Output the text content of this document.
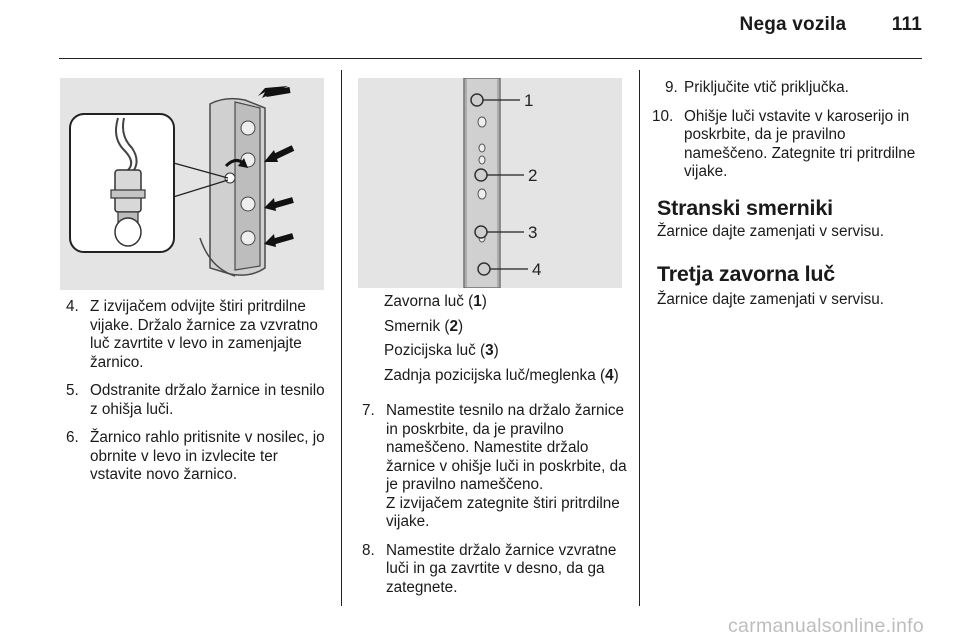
Nega vozila 111
1
2
3
4
4. Z izvijačem odvijte štiri pritrdilne vijake. Držalo žarnice za vzvratno luč zavrtite v levo in zamenjajte žarnico.
5. Odstranite držalo žarnice in tesnilo z ohišja luči.
6. Žarnico rahlo pritisnite v nosilec, jo obrnite v levo in izvlecite ter vstavite novo žarnico.

Zavorna luč (1)

Smernik (2)

Pozicijska luč (3)

Zadnja pozicijska luč/meglenka (4)

7. Namestite tesnilo na držalo žarnice in poskrbite, da je pravilno nameščeno. Namestite držalo žarnice v ohišje luči in poskrbite, da je pravilno nameščeno.
Z izvijačem zategnite štiri pritrdilne vijake.
8. Namestite držalo žarnice vzvratne luči in ga zavrtite v desno, da ga zategnete.
9. Priključite vtič priključka.
10. Ohišje luči vstavite v karoserijo in poskrbite, da je pravilno nameščeno. Zategnite tri pritrdilne vijake.
Stranski smerniki

Žarnice dajte zamenjati v servisu.

Tretja zavorna luč

Žarnice dajte zamenjati v servisu.

carmanualsonline.info
